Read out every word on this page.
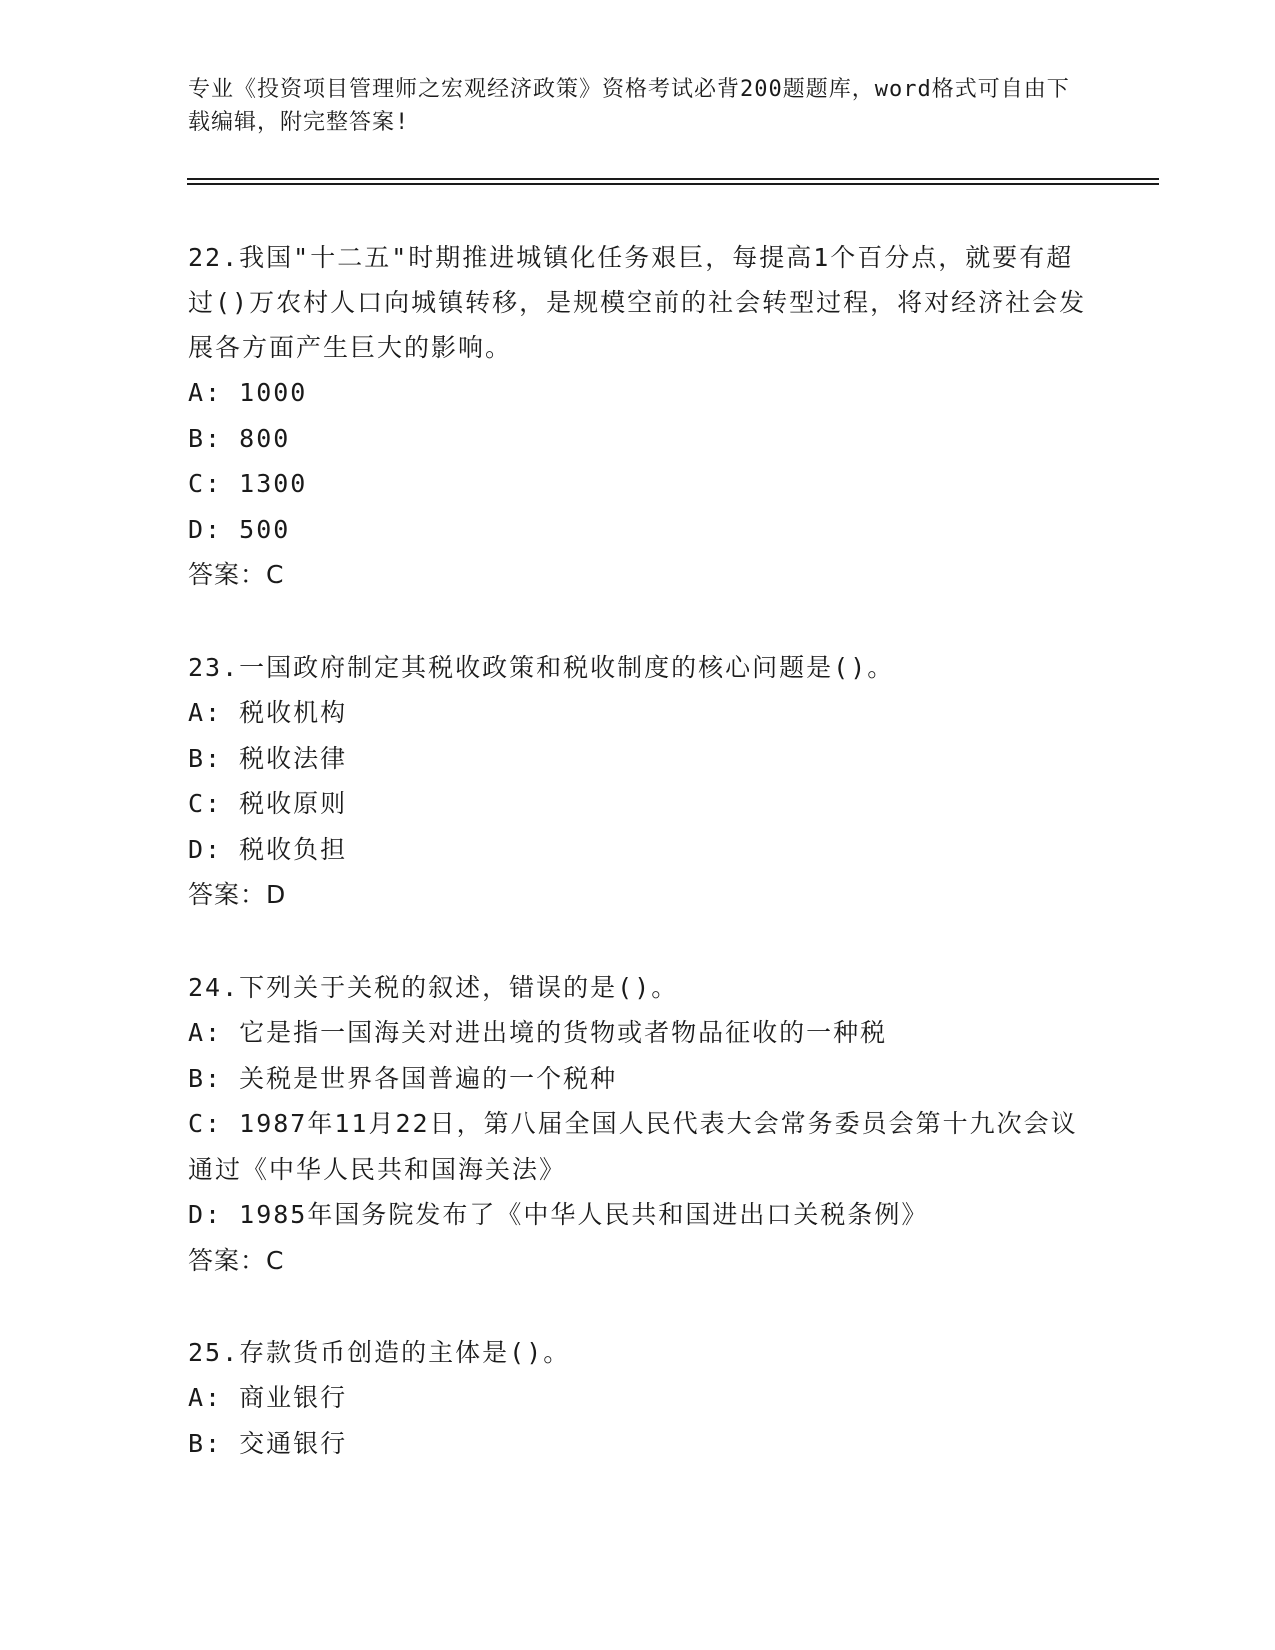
专业《投资项目管理师之宏观经济政策》资格考试必背200题题库，word格式可自由下载编辑，附完整答案!

22.我国"十二五"时期推进城镇化任务艰巨，每提高1个百分点，就要有超过()万农村人口向城镇转移，是规模空前的社会转型过程，将对经济社会发展各方面产生巨大的影响。

A: 1000

B: 800

C: 1300

D: 500

答案：C

23.一国政府制定其税收政策和税收制度的核心问题是()。

A: 税收机构

B: 税收法律

C: 税收原则

D: 税收负担

答案：D

24.下列关于关税的叙述，错误的是()。

A: 它是指一国海关对进出境的货物或者物品征收的一种税

B: 关税是世界各国普遍的一个税种

C: 1987年11月22日，第八届全国人民代表大会常务委员会第十九次会议通过《中华人民共和国海关法》

D: 1985年国务院发布了《中华人民共和国进出口关税条例》

答案：C

25.存款货币创造的主体是()。

A: 商业银行

B: 交通银行
